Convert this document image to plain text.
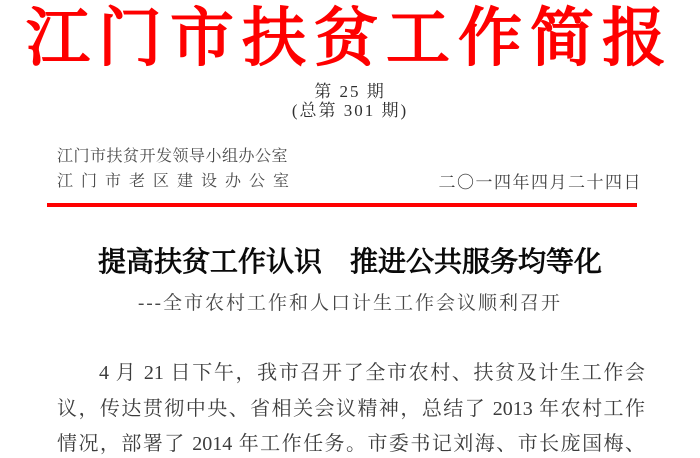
江门市扶贫工作简报
第 25 期
(总第 301 期)
江门市扶贫开发领导小组办公室
江门市老区建设办公室	二〇一四年四月二十四日
提高扶贫工作认识　推进公共服务均等化
---全市农村工作和人口计生工作会议顺利召开
4 月 21 日下午，我市召开了全市农村、扶贫及计生工作会
议，传达贯彻中央、省相关会议精神，总结了 2013 年农村工作
情况，部署了 2014 年工作任务。市委书记刘海、市长庞国梅、
